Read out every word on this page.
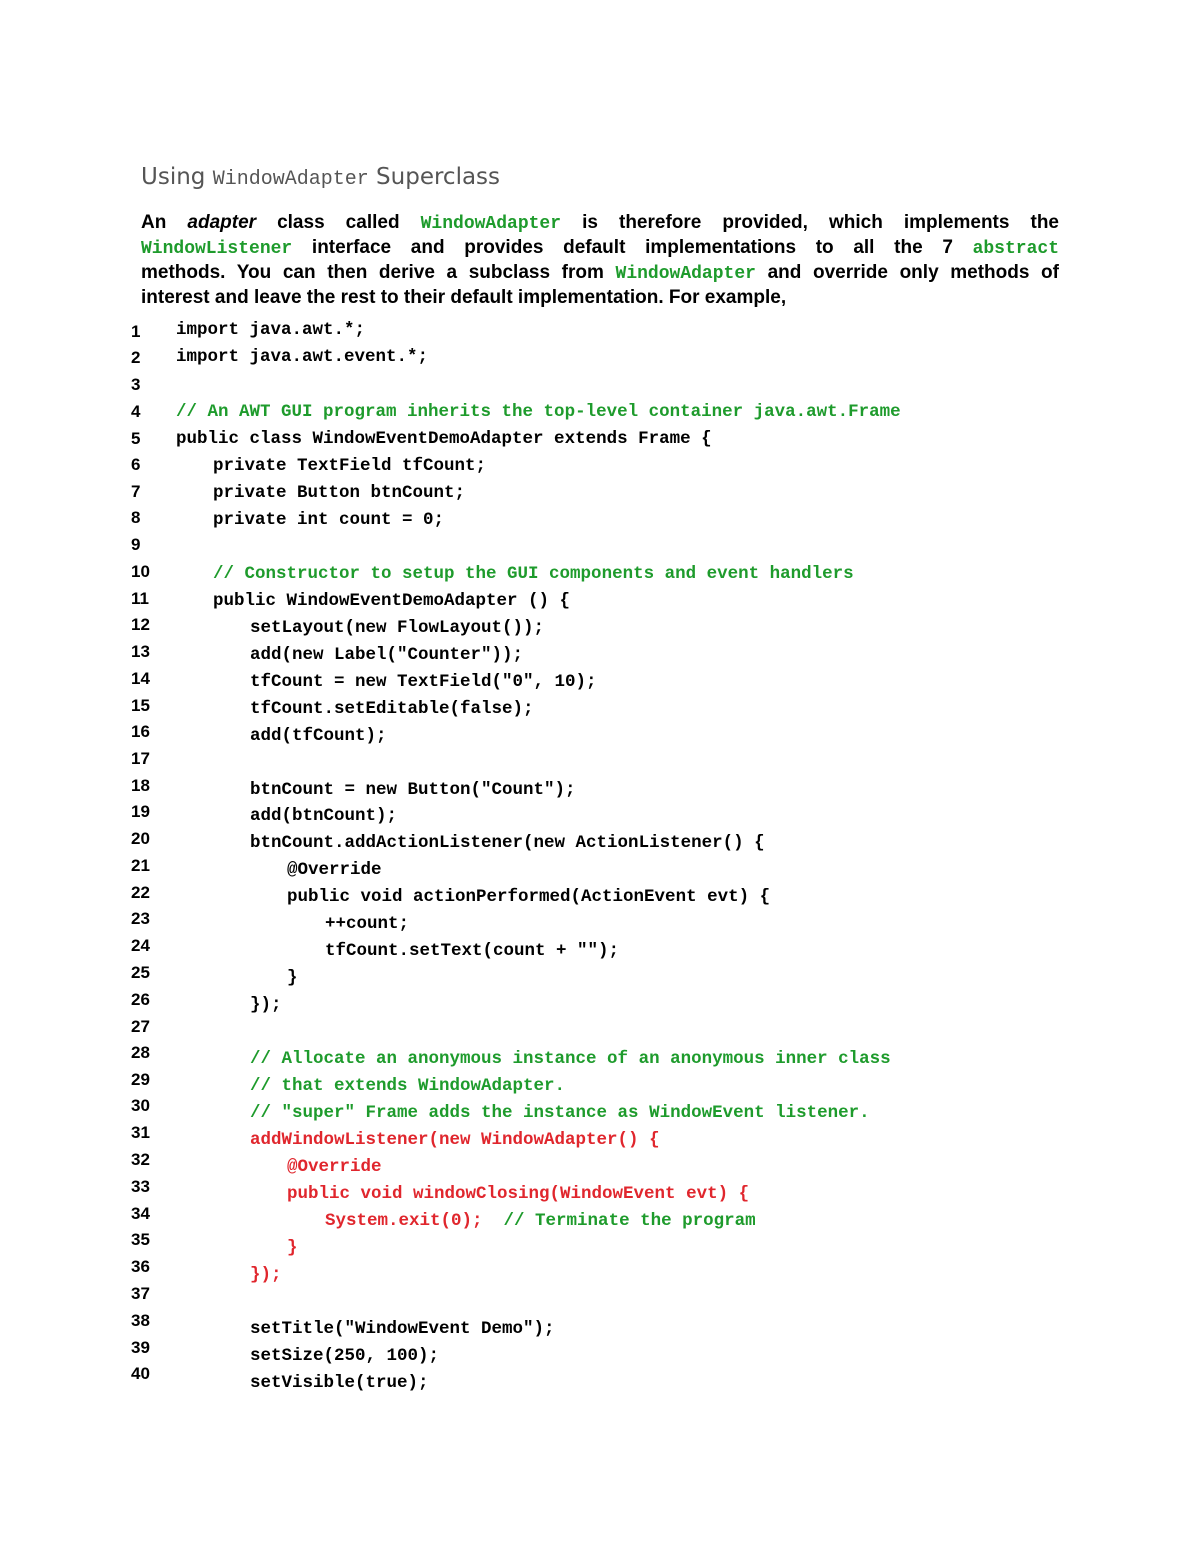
Using WindowAdapter Superclass
An adapter class called WindowAdapter is therefore provided, which implements the
WindowListener interface and provides default implementations to all the 7 abstract
methods. You can then derive a subclass from WindowAdapter and override only methods of
interest and leave the rest to their default implementation. For example,
1	import java.awt.*;
2	import java.awt.event.*;
3
4	// An AWT GUI program inherits the top-level container java.awt.Frame
5	public class WindowEventDemoAdapter extends Frame {
6	private TextField tfCount;
7	private Button btnCount;
8	private int count = 0;
9
10	// Constructor to setup the GUI components and event handlers
11	public WindowEventDemoAdapter () {
12	setLayout(new FlowLayout());
13	add(new Label("Counter"));
14	tfCount = new TextField("0", 10);
15	tfCount.setEditable(false);
16	add(tfCount);
17
18	btnCount = new Button("Count");
19	add(btnCount);
20	btnCount.addActionListener(new ActionListener() {
21	@Override
22	public void actionPerformed(ActionEvent evt) {
23	++count;
24	tfCount.setText(count + "");
25	}
26	});
27
28	// Allocate an anonymous instance of an anonymous inner class
29	// that extends WindowAdapter.
30	// "super" Frame adds the instance as WindowEvent listener.
31	addWindowListener(new WindowAdapter() {
32	@Override
33	public void windowClosing(WindowEvent evt) {
34	System.exit(0); // Terminate the program
35	}
36	});
37
38	setTitle("WindowEvent Demo");
39	setSize(250, 100);
40	setVisible(true);
